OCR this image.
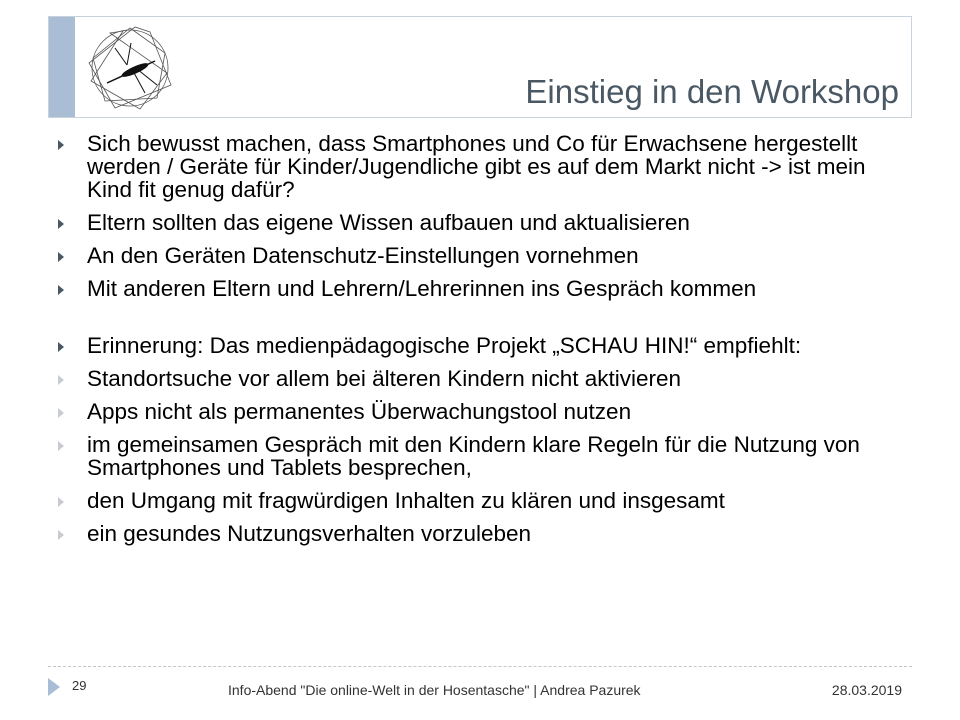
Einstieg in den Workshop
Sich bewusst machen, dass Smartphones und Co für Erwachsene hergestellt werden / Geräte für Kinder/Jugendliche gibt es auf dem Markt nicht -> ist mein Kind fit genug dafür?
Eltern sollten das eigene Wissen aufbauen und aktualisieren
An den Geräten Datenschutz-Einstellungen vornehmen
Mit anderen Eltern und Lehrern/Lehrerinnen ins Gespräch kommen
Erinnerung: Das medienpädagogische Projekt „SCHAU HIN!“ empfiehlt:
Standortsuche vor allem bei älteren Kindern nicht aktivieren
Apps nicht als permanentes Überwachungstool nutzen
im gemeinsamen Gespräch mit den Kindern klare Regeln für die Nutzung von Smartphones und Tablets besprechen,
den Umgang mit fragwürdigen Inhalten zu klären und insgesamt
ein gesundes Nutzungsverhalten vorzuleben
29	Info-Abend "Die online-Welt in der Hosentasche" | Andrea Pazurek	28.03.2019
